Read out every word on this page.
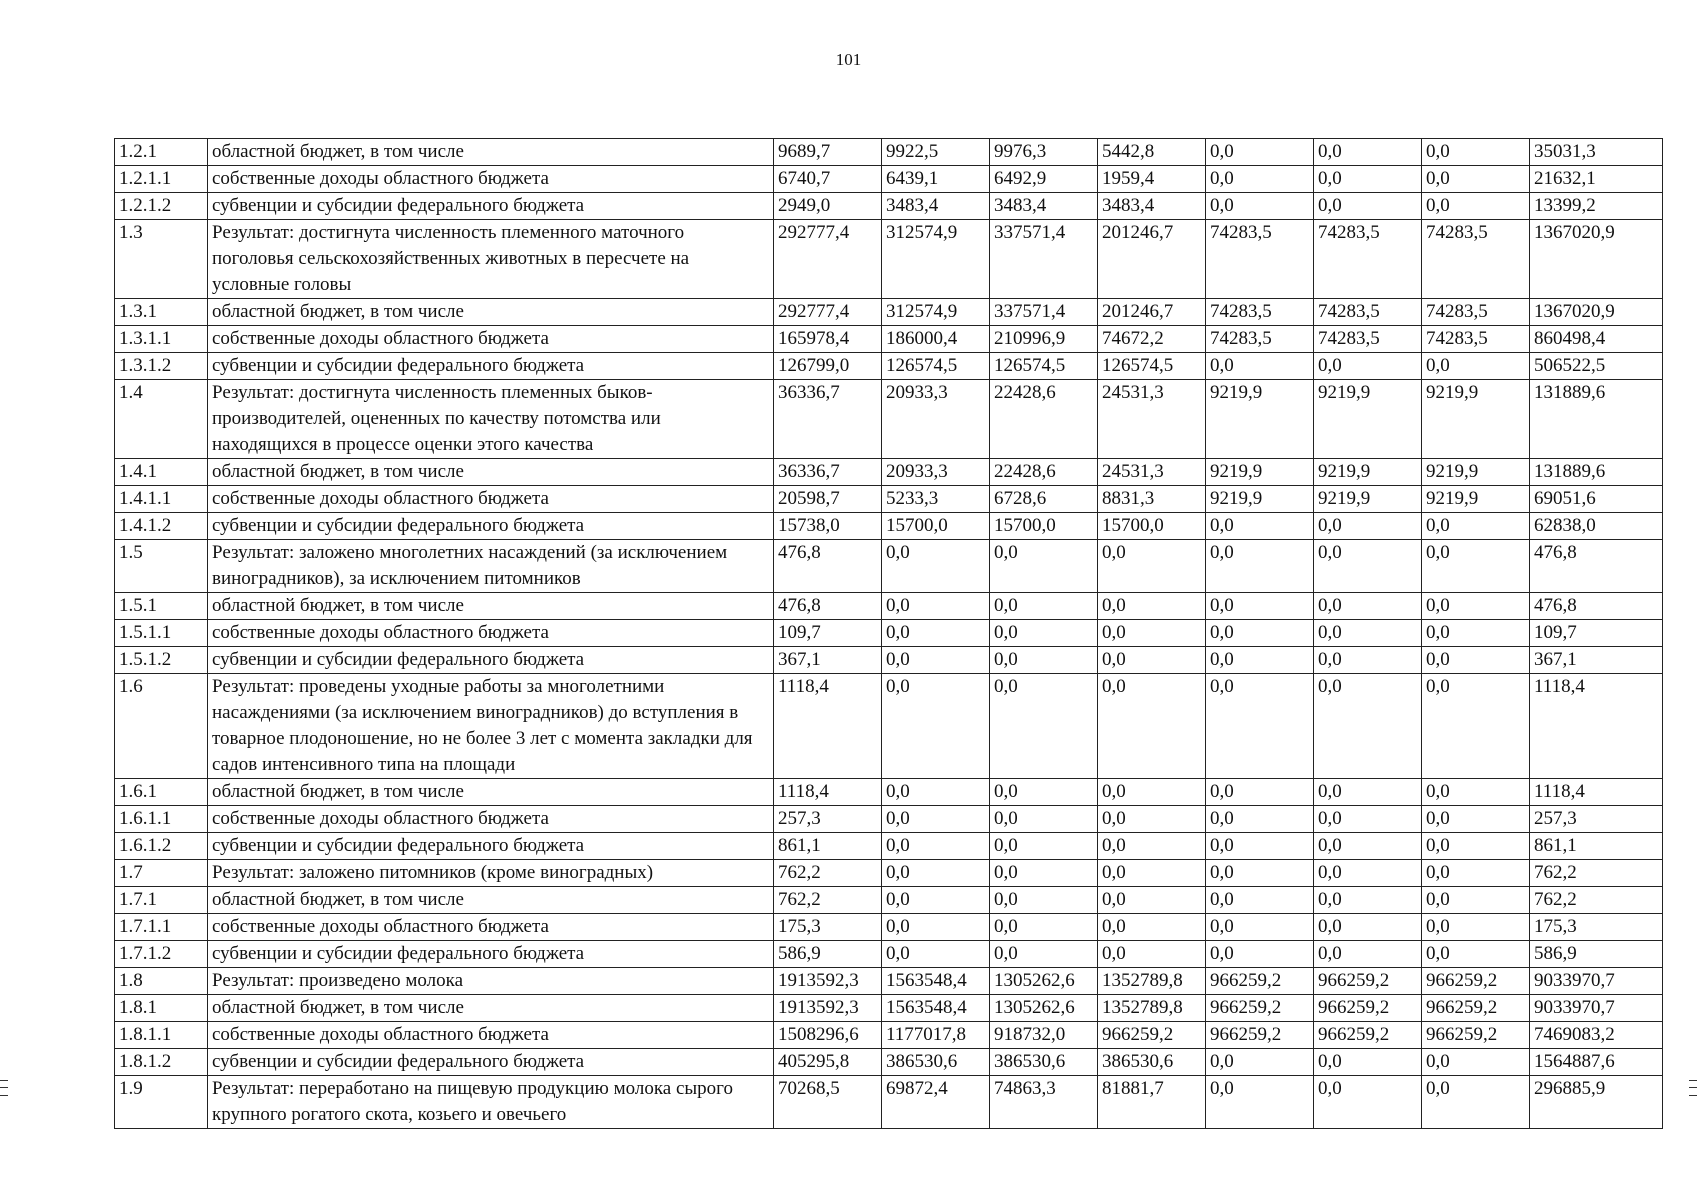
101
1.2.1	областной бюджет, в том числе	9689,7	9922,5	9976,3	5442,8	0,0	0,0	0,0	35031,3
1.2.1.1	собственные доходы областного бюджета	6740,7	6439,1	6492,9	1959,4	0,0	0,0	0,0	21632,1
1.2.1.2	субвенции и субсидии федерального бюджета	2949,0	3483,4	3483,4	3483,4	0,0	0,0	0,0	13399,2
1.3	Результат: достигнута численность племенного маточного поголовья сельскохозяйственных животных в пересчете на условные головы	292777,4	312574,9	337571,4	201246,7	74283,5	74283,5	74283,5	1367020,9
1.3.1	областной бюджет, в том числе	292777,4	312574,9	337571,4	201246,7	74283,5	74283,5	74283,5	1367020,9
1.3.1.1	собственные доходы областного бюджета	165978,4	186000,4	210996,9	74672,2	74283,5	74283,5	74283,5	860498,4
1.3.1.2	субвенции и субсидии федерального бюджета	126799,0	126574,5	126574,5	126574,5	0,0	0,0	0,0	506522,5
1.4	Результат: достигнута численность племенных быков-производителей, оцененных по качеству потомства или находящихся в процессе оценки этого качества	36336,7	20933,3	22428,6	24531,3	9219,9	9219,9	9219,9	131889,6
1.4.1	областной бюджет, в том числе	36336,7	20933,3	22428,6	24531,3	9219,9	9219,9	9219,9	131889,6
1.4.1.1	собственные доходы областного бюджета	20598,7	5233,3	6728,6	8831,3	9219,9	9219,9	9219,9	69051,6
1.4.1.2	субвенции и субсидии федерального бюджета	15738,0	15700,0	15700,0	15700,0	0,0	0,0	0,0	62838,0
1.5	Результат: заложено многолетних насаждений (за исключением виноградников), за исключением питомников	476,8	0,0	0,0	0,0	0,0	0,0	0,0	476,8
1.5.1	областной бюджет, в том числе	476,8	0,0	0,0	0,0	0,0	0,0	0,0	476,8
1.5.1.1	собственные доходы областного бюджета	109,7	0,0	0,0	0,0	0,0	0,0	0,0	109,7
1.5.1.2	субвенции и субсидии федерального бюджета	367,1	0,0	0,0	0,0	0,0	0,0	0,0	367,1
1.6	Результат: проведены уходные работы за многолетними насаждениями (за исключением виноградников) до вступления в товарное плодоношение, но не более 3 лет с момента закладки для садов интенсивного типа на площади	1118,4	0,0	0,0	0,0	0,0	0,0	0,0	1118,4
1.6.1	областной бюджет, в том числе	1118,4	0,0	0,0	0,0	0,0	0,0	0,0	1118,4
1.6.1.1	собственные доходы областного бюджета	257,3	0,0	0,0	0,0	0,0	0,0	0,0	257,3
1.6.1.2	субвенции и субсидии федерального бюджета	861,1	0,0	0,0	0,0	0,0	0,0	0,0	861,1
1.7	Результат: заложено питомников (кроме виноградных)	762,2	0,0	0,0	0,0	0,0	0,0	0,0	762,2
1.7.1	областной бюджет, в том числе	762,2	0,0	0,0	0,0	0,0	0,0	0,0	762,2
1.7.1.1	собственные доходы областного бюджета	175,3	0,0	0,0	0,0	0,0	0,0	0,0	175,3
1.7.1.2	субвенции и субсидии федерального бюджета	586,9	0,0	0,0	0,0	0,0	0,0	0,0	586,9
1.8	Результат: произведено молока	1913592,3	1563548,4	1305262,6	1352789,8	966259,2	966259,2	966259,2	9033970,7
1.8.1	областной бюджет, в том числе	1913592,3	1563548,4	1305262,6	1352789,8	966259,2	966259,2	966259,2	9033970,7
1.8.1.1	собственные доходы областного бюджета	1508296,6	1177017,8	918732,0	966259,2	966259,2	966259,2	966259,2	7469083,2
1.8.1.2	субвенции и субсидии федерального бюджета	405295,8	386530,6	386530,6	386530,6	0,0	0,0	0,0	1564887,6
1.9	Результат: переработано на пищевую продукцию молока сырого крупного рогатого скота, козьего и овечьего	70268,5	69872,4	74863,3	81881,7	0,0	0,0	0,0	296885,9
